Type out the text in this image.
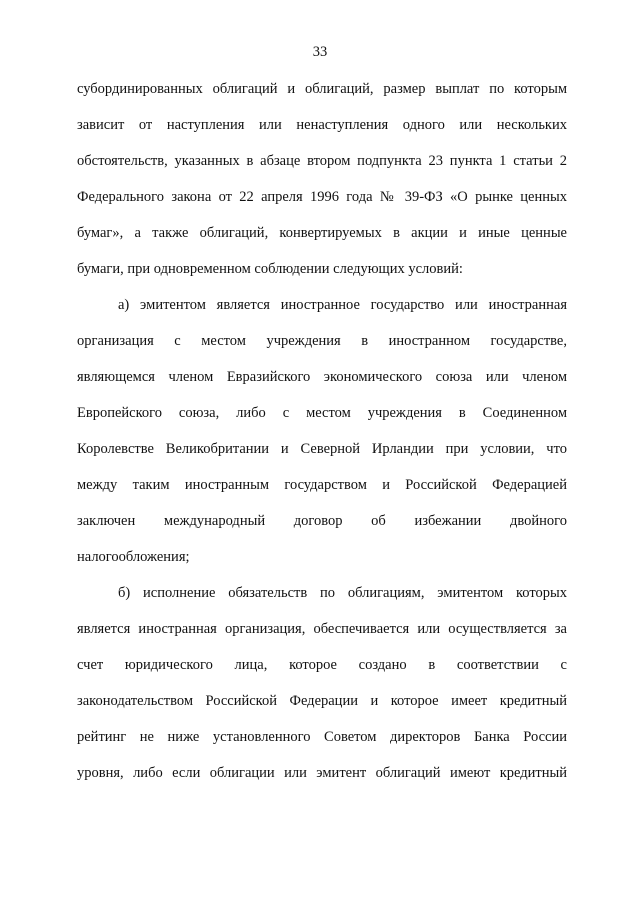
33
субординированных облигаций и облигаций, размер выплат по которым
зависит от наступления или ненаступления одного или нескольких
обстоятельств, указанных в абзаце втором подпункта 23 пункта 1 статьи 2
Федерального закона от 22 апреля 1996 года № 39-ФЗ «О рынке ценных
бумаг», а также облигаций, конвертируемых в акции и иные ценные
бумаги, при одновременном соблюдении следующих условий:
а) эмитентом является иностранное государство или иностранная
организация с местом учреждения в иностранном государстве,
являющемся членом Евразийского экономического союза или членом
Европейского союза, либо с местом учреждения в Соединенном
Королевстве Великобритании и Северной Ирландии при условии, что
между таким иностранным государством и Российской Федерацией
заключен международный договор об избежании двойного
налогообложения;
б) исполнение обязательств по облигациям, эмитентом которых
является иностранная организация, обеспечивается или осуществляется за
счет юридического лица, которое создано в соответствии с
законодательством Российской Федерации и которое имеет кредитный
рейтинг не ниже установленного Советом директоров Банка России
уровня, либо если облигации или эмитент облигаций имеют кредитный
